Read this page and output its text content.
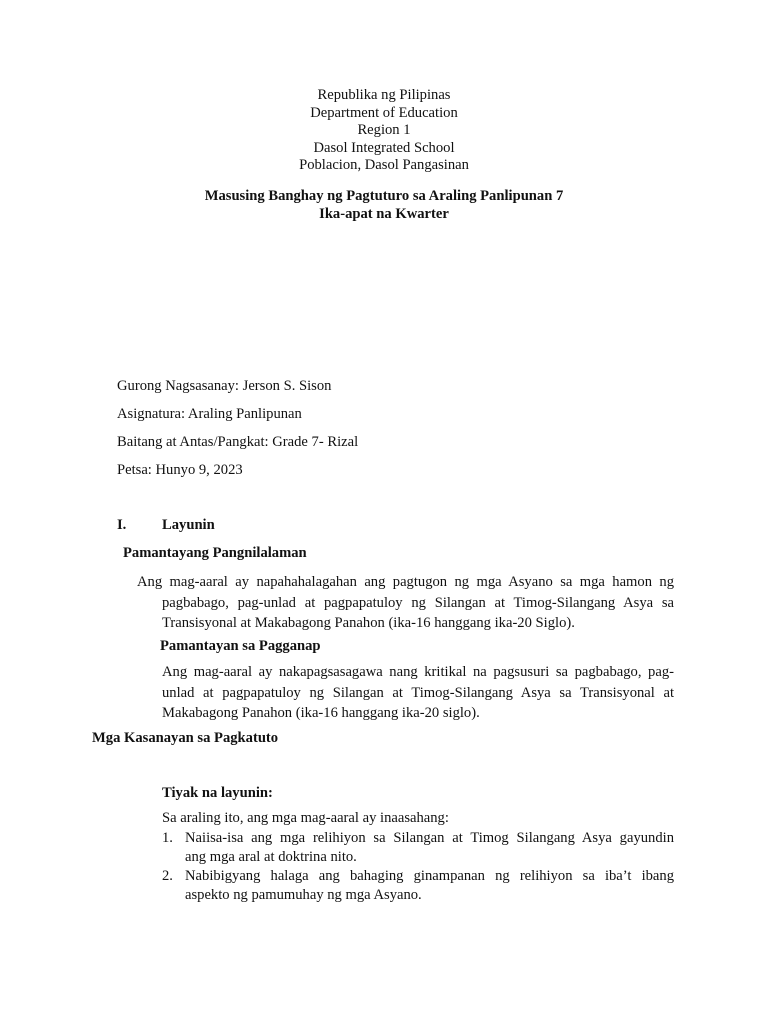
Republika ng Pilipinas
Department of Education
Region 1
Dasol Integrated School
Poblacion, Dasol Pangasinan
Masusing Banghay ng Pagtuturo sa Araling Panlipunan 7
Ika-apat na Kwarter
Gurong Nagsasanay: Jerson S. Sison
Asignatura: Araling Panlipunan
Baitang at Antas/Pangkat: Grade 7- Rizal
Petsa: Hunyo 9, 2023
I. Layunin
Pamantayang Pangnilalaman
Ang mag-aaral ay napahahalagahan ang pagtugon ng mga Asyano sa mga hamon ng
pagbabago, pag-unlad at pagpapatuloy ng Silangan at Timog-Silangang Asya sa
Transisyonal at Makabagong Panahon (ika-16 hanggang ika-20 Siglo).
Pamantayan sa Pagganap
Ang mag-aaral ay nakapagsasagawa nang kritikal na pagsusuri sa pagbabago, pag-
unlad at pagpapatuloy ng Silangan at Timog-Silangang Asya sa Transisyonal at
Makabagong Panahon (ika-16 hanggang ika-20 siglo).
Mga Kasanayan sa Pagkatuto
Tiyak na layunin:
Sa araling ito, ang mga mag-aaral ay inaasahang:
1. Naiisa-isa ang mga relihiyon sa Silangan at Timog Silangang Asya gayundin
ang mga aral at doktrina nito.
2. Nabibigyang halaga ang bahaging ginampanan ng relihiyon sa iba’t ibang
aspekto ng pamumuhay ng mga Asyano.
